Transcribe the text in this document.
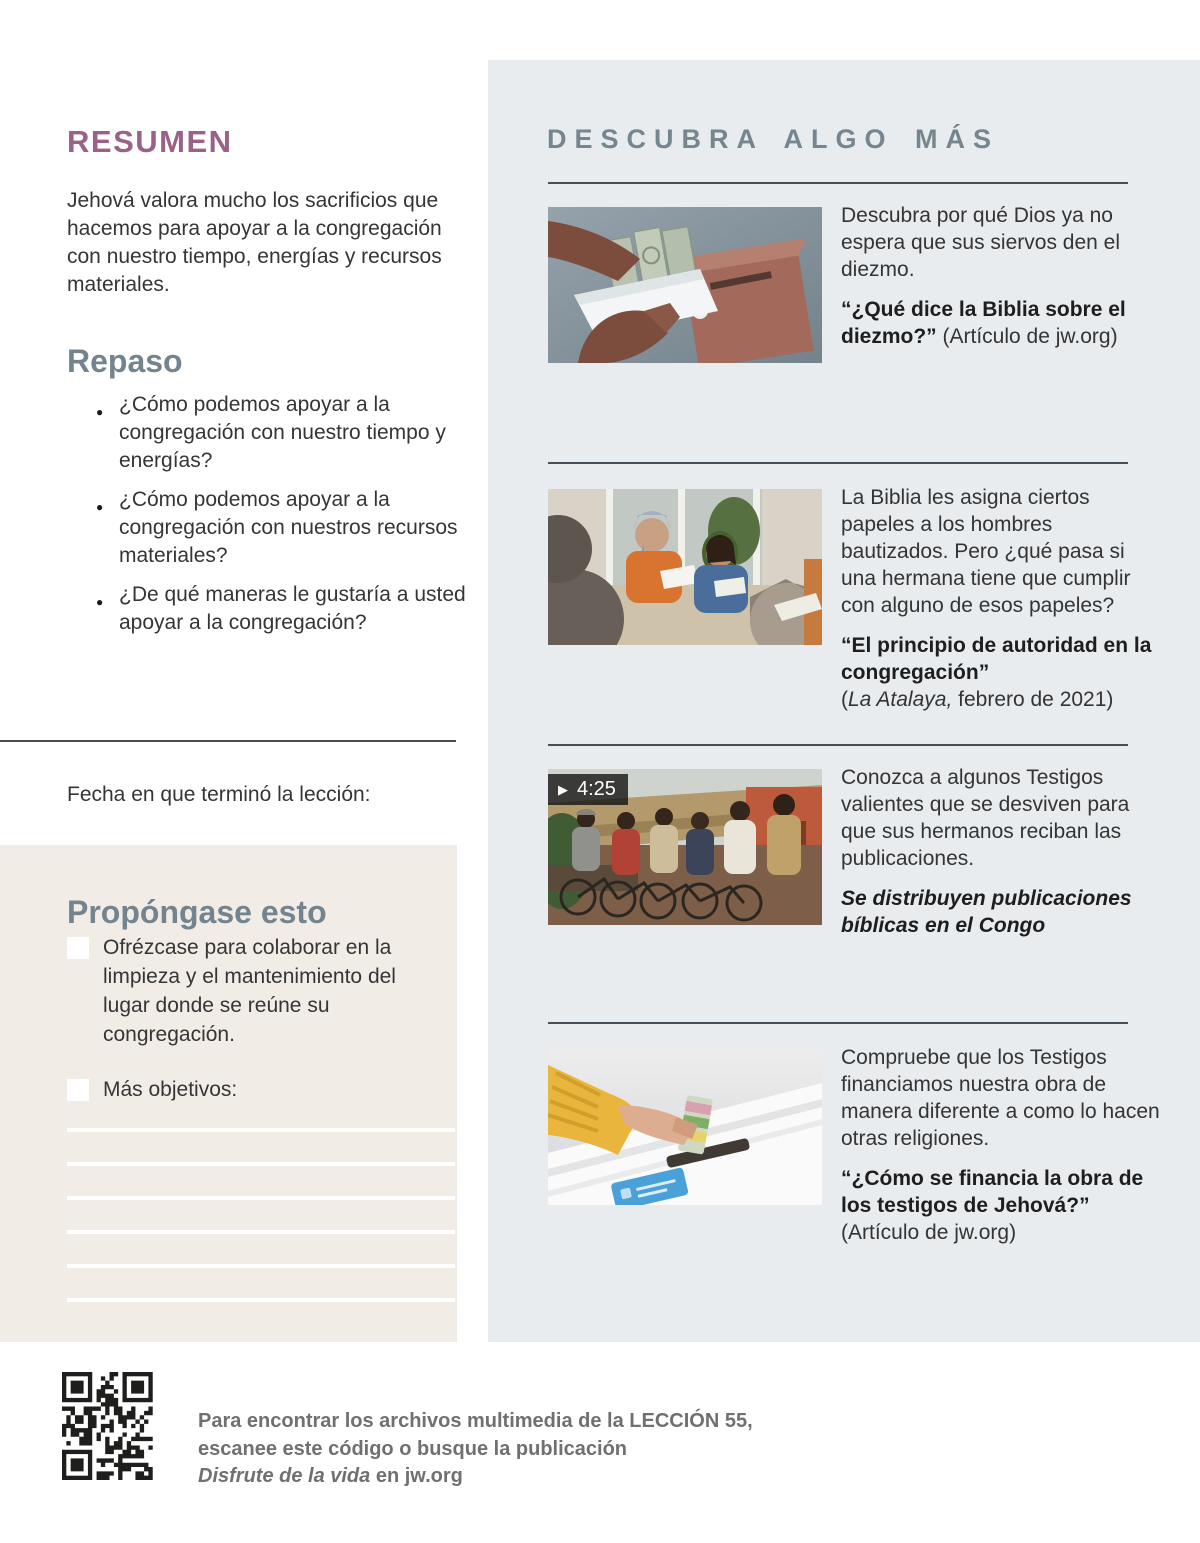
RESUMEN

Jehová valora mucho los sacrificios que hacemos para apoyar a la congregación con nuestro tiempo, energías y recursos materiales.

Repaso
● ¿Cómo podemos apoyar a la congregación con nuestro tiempo y energías?
● ¿Cómo podemos apoyar a la congregación con nuestros recursos materiales?
● ¿De qué maneras le gustaría a usted apoyar a la congregación?

Fecha en que terminó la lección:

Propóngase esto
Ofrézcase para colaborar en la limpieza y el mantenimiento del lugar donde se reúne su congregación.
Más objetivos:
DESCUBRA ALGO MÁS

Descubra por qué Dios ya no espera que sus siervos den el diezmo.

“¿Qué dice la Biblia sobre el diezmo?” (Artículo de jw.org)

La Biblia les asigna ciertos papeles a los hombres bautizados. Pero ¿qué pasa si una hermana tiene que cumplir con alguno de esos papeles?

“El principio de autoridad en la congregación”
(La Atalaya, febrero de 2021)

▶
4:25	Conozca a algunos Testigos valientes que se desviven para que sus hermanos reciban las publicaciones.

Se distribuyen publicaciones bíblicas en el Congo

Compruebe que los Testigos financiamos nuestra obra de manera diferente a como lo hacen otras religiones.

“¿Cómo se financia la obra de los testigos de Jehová?”
(Artículo de jw.org)

Para encontrar los archivos multimedia de la LECCIÓN 55,
escanee este código o busque la publicación
Disfrute de la vida en jw.org
